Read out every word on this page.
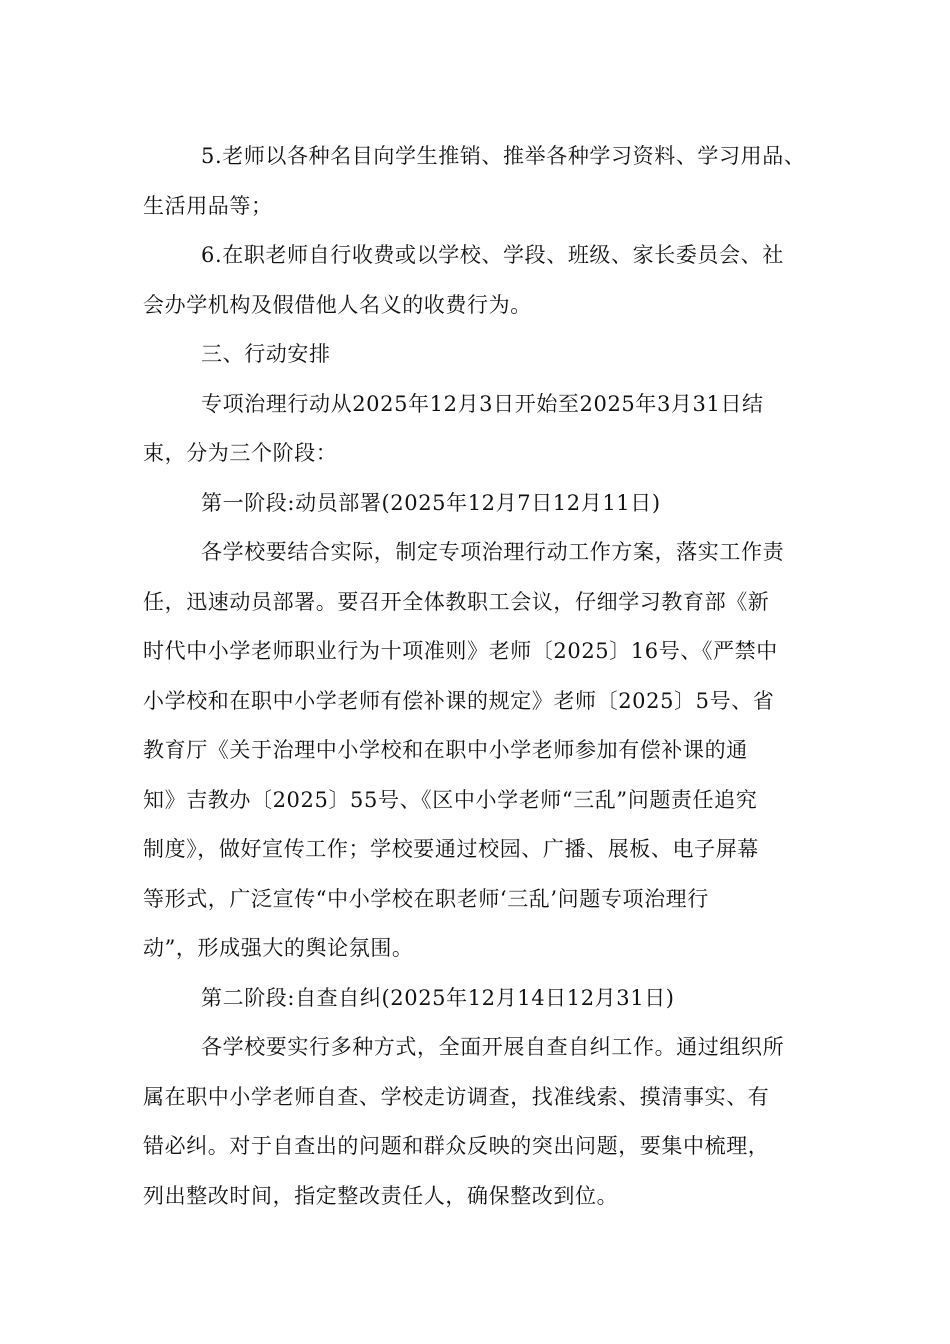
5.老师以各种名目向学生推销、推举各种学习资料、学习用品、
生活用品等；

6.在职老师自行收费或以学校、学段、班级、家长委员会、社
会办学机构及假借他人名义的收费行为。

三、行动安排

专项治理行动从2025年12月3日开始至2025年3月31日结
束，分为三个阶段：

第一阶段:动员部署(2025年12月7日12月11日)

各学校要结合实际，制定专项治理行动工作方案，落实工作责
任，迅速动员部署。要召开全体教职工会议，仔细学习教育部《新
时代中小学老师职业行为十项准则》老师〔2025〕16号、《严禁中
小学校和在职中小学老师有偿补课的规定》老师〔2025〕5号、省
教育厅《关于治理中小学校和在职中小学老师参加有偿补课的通
知》吉教办〔2025〕55号、《区中小学老师“三乱”问题责任追究
制度》，做好宣传工作；学校要通过校园、广播、展板、电子屏幕
等形式，广泛宣传“中小学校在职老师‘三乱’问题专项治理行
动”，形成强大的舆论氛围。

第二阶段:自查自纠(2025年12月14日12月31日)

各学校要实行多种方式，全面开展自查自纠工作。通过组织所
属在职中小学老师自查、学校走访调查，找准线索、摸清事实、有
错必纠。对于自查出的问题和群众反映的突出问题，要集中梳理，
列出整改时间，指定整改责任人，确保整改到位。
